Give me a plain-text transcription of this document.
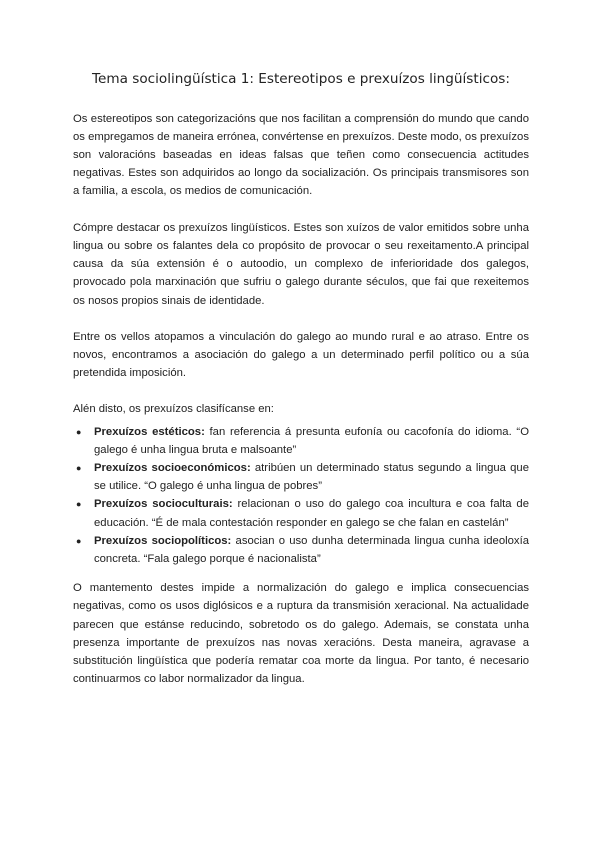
Tema sociolingüística 1: Estereotipos e prexuízos lingüísticos:

Os estereotipos son categorizacións que nos facilitan a comprensión do mundo que cando os empregamos de maneira errónea, convértense en prexuízos. Deste modo, os prexuízos son valoracións baseadas en ideas falsas que teñen como consecuencia actitudes negativas. Estes son adquiridos ao longo da socialización. Os principais transmisores son a familia, a escola, os medios de comunicación.

Cómpre destacar os prexuízos lingüísticos. Estes son xuízos de valor emitidos sobre unha lingua ou sobre os falantes dela co propósito de provocar o seu rexeitamento.A principal causa da súa extensión é o autoodio, un complexo de inferioridade dos galegos, provocado pola marxinación que sufriu o galego durante séculos, que fai que rexeitemos os nosos propios sinais de identidade.

Entre os vellos atopamos a vinculación do galego ao mundo rural e ao atraso. Entre os novos, encontramos a asociación do galego a un determinado perfil político ou a súa pretendida imposición.

Alén disto, os prexuízos clasifícanse en:

● Prexuízos estéticos: fan referencia á presunta eufonía ou cacofonía do idioma. “O galego é unha lingua bruta e malsoante”
● Prexuízos socioeconómicos: atribúen un determinado status segundo a lingua que se utilice. “O galego é unha lingua de pobres”
● Prexuízos socioculturais: relacionan o uso do galego coa incultura e coa falta de educación. “É de mala contestación responder en galego se che falan en castelán”
● Prexuízos sociopolíticos: asocian o uso dunha determinada lingua cunha ideoloxía concreta. “Fala galego porque é nacionalista”

O mantemento destes impide a normalización do galego e implica consecuencias negativas, como os usos diglósicos e a ruptura da transmisión xeracional. Na actualidade parecen que estánse reducindo, sobretodo os do galego. Ademais, se constata unha presenza importante de prexuízos nas novas xeracións. Desta maneira, agravase a substitución lingüística que podería rematar coa morte da lingua. Por tanto, é necesario continuarmos co labor normalizador da lingua.
